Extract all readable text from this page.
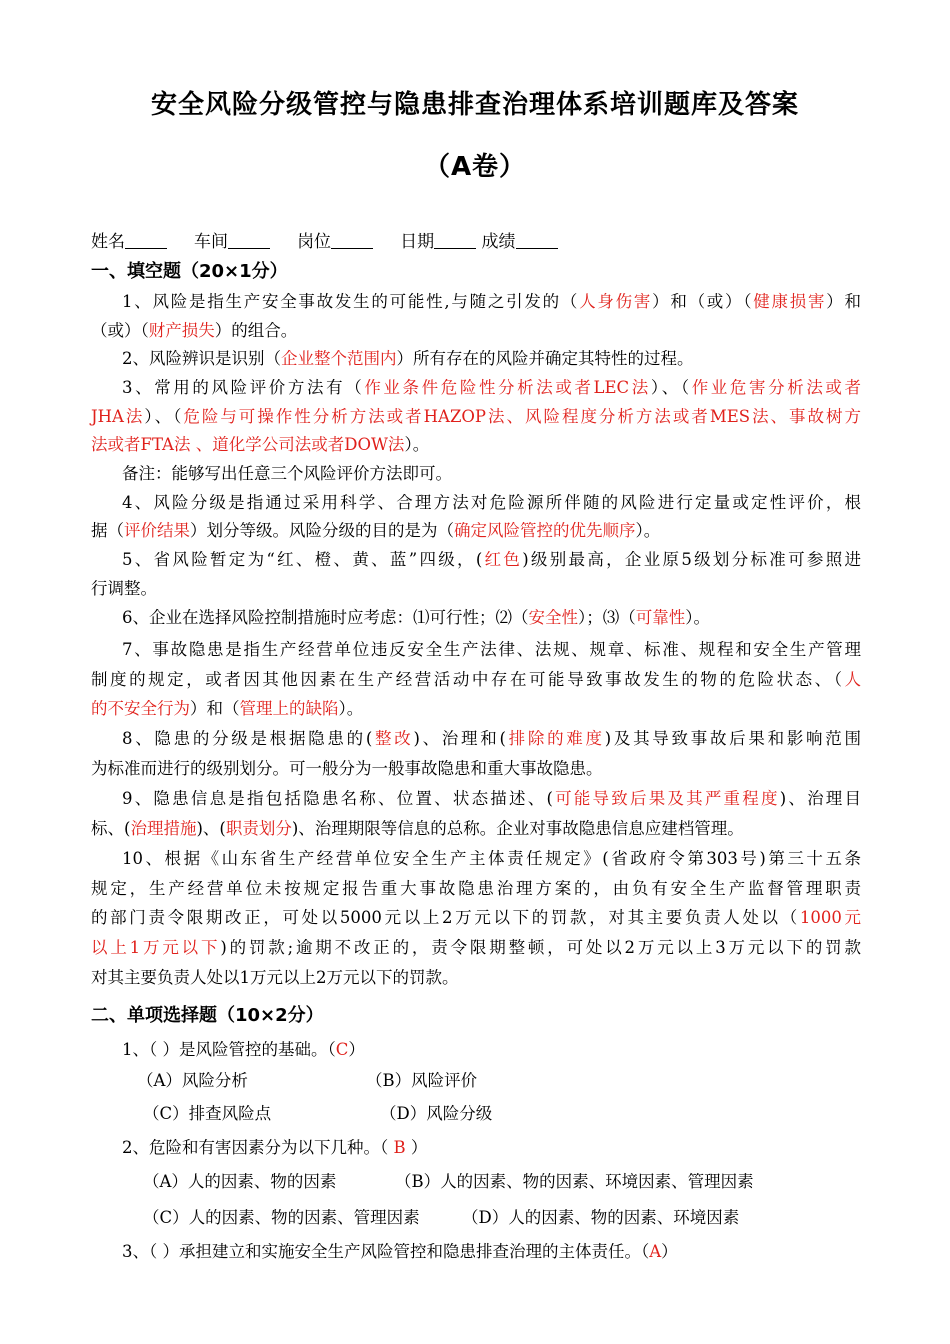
安全风险分级管控与隐患排查治理体系培训题库及答案
（A卷）
姓名	车间	岗位	日期	成绩
一、填空题（20×1分）
1、风险是指生产安全事故发生的可能性,与随之引发的（人身伤害）和（或）（健康损害）和
（或）（财产损失）的组合。
2、风险辨识是识别（企业整个范围内）所有存在的风险并确定其特性的过程。
3、常用的风险评价方法有（作业条件危险性分析法或者LEC法）、（作业危害分析法或者
JHA法）、（危险与可操作性分析方法或者HAZOP法、风险程度分析方法或者MES法、事故树方
法或者FTA法 、道化学公司法或者DOW法）。
备注：能够写出任意三个风险评价方法即可。
4、风险分级是指通过采用科学、合理方法对危险源所伴随的风险进行定量或定性评价，根
据（评价结果）划分等级。风险分级的目的是为（确定风险管控的优先顺序）。
5、省风险暂定为“红、橙、黄、蓝”四级，(红色)级别最高，企业原5级划分标准可参照进
行调整。
6、企业在选择风险控制措施时应考虑：⑴可行性；⑵（安全性）；⑶（可靠性）。
7、事故隐患是指生产经营单位违反安全生产法律、法规、规章、标准、规程和安全生产管理
制度的规定，或者因其他因素在生产经营活动中存在可能导致事故发生的物的危险状态、（人
的不安全行为）和（管理上的缺陷）。
8、隐患的分级是根据隐患的(整改)、治理和(排除的难度)及其导致事故后果和影响范围
为标准而进行的级别划分。可一般分为一般事故隐患和重大事故隐患。
9、隐患信息是指包括隐患名称、位置、状态描述、(可能导致后果及其严重程度)、治理目
标、(治理措施)、(职责划分)、治理期限等信息的总称。企业对事故隐患信息应建档管理。
10、根据《山东省生产经营单位安全生产主体责任规定》(省政府令第303号)第三十五条
规定，生产经营单位未按规定报告重大事故隐患治理方案的，由负有安全生产监督管理职责
的部门责令限期改正，可处以5000元以上2万元以下的罚款，对其主要负责人处以（1000元
以上1万元以下)的罚款;逾期不改正的，责令限期整顿，可处以2万元以上3万元以下的罚款
对其主要负责人处以1万元以上2万元以下的罚款。
二、单项选择题（10×2分）
1、（ ）是风险管控的基础。（C）
（A）风险分析	（B）风险评价
（C）排查风险点	（D）风险分级
2、危险和有害因素分为以下几种。（ B ）
（A）人的因素、物的因素	（B）人的因素、物的因素、环境因素、管理因素
（C）人的因素、物的因素、管理因素	（D）人的因素、物的因素、环境因素
3、（ ）承担建立和实施安全生产风险管控和隐患排查治理的主体责任。（A）
